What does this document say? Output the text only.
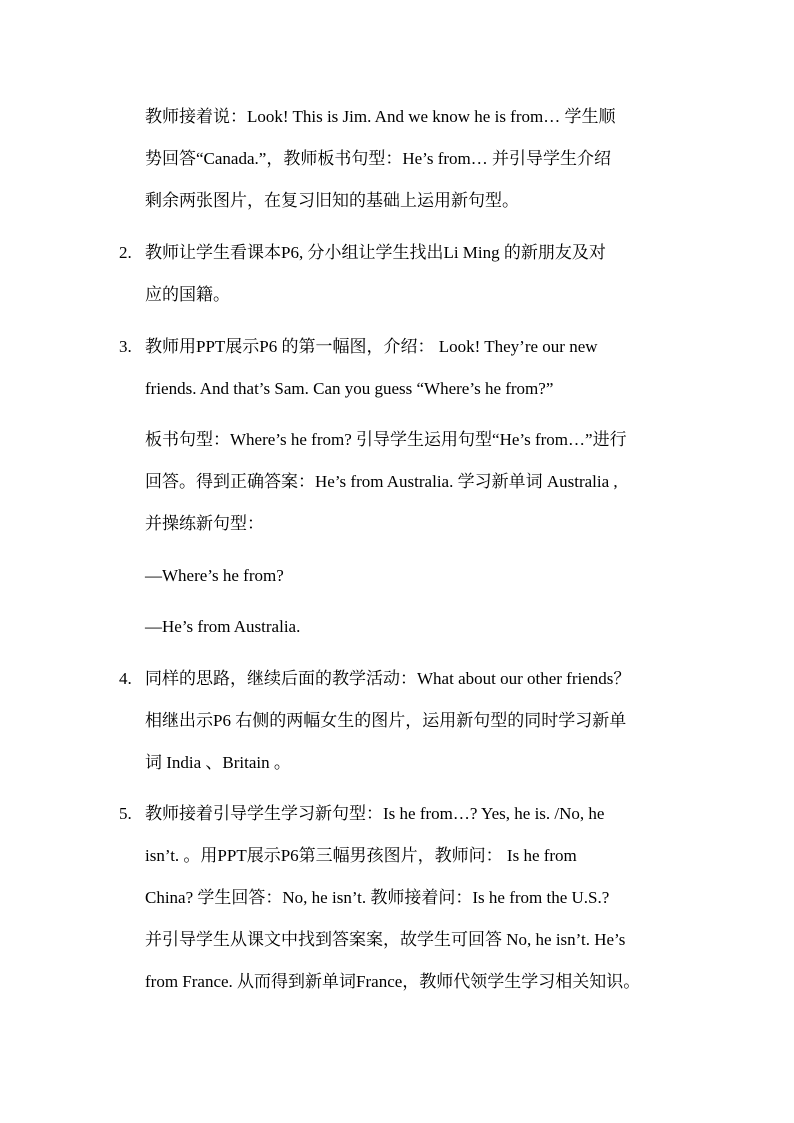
教师接着说：Look! This is Jim. And we know he is from… 学生顺
势回答“Canada.”，教师板书句型：He’s from… 并引导学生介绍
剩余两张图片，在复习旧知的基础上运用新句型。
2. 教师让学生看课本P6, 分小组让学生找出Li Ming 的新朋友及对
应的国籍。
3. 教师用PPT展示P6 的第一幅图，介绍： Look! They’re our new
friends. And that’s Sam. Can you guess “Where’s he from?”
板书句型：Where’s he from? 引导学生运用句型“He’s from…”进行
回答。得到正确答案：He’s from Australia. 学习新单词 Australia ,
并操练新句型：
—Where’s he from?
—He’s from Australia.
4. 同样的思路，继续后面的教学活动：What about our other friends？
相继出示P6 右侧的两幅女生的图片，运用新句型的同时学习新单
词 India 、Britain 。
5. 教师接着引导学生学习新句型：Is he from…? Yes, he is. /No, he
isn’t. 。用PPT展示P6第三幅男孩图片，教师问： Is he from
China? 学生回答：No, he isn’t. 教师接着问：Is he from the U.S.?
并引导学生从课文中找到答案案，故学生可回答 No, he isn’t. He’s
from France. 从而得到新单词France，教师代领学生学习相关知识。
